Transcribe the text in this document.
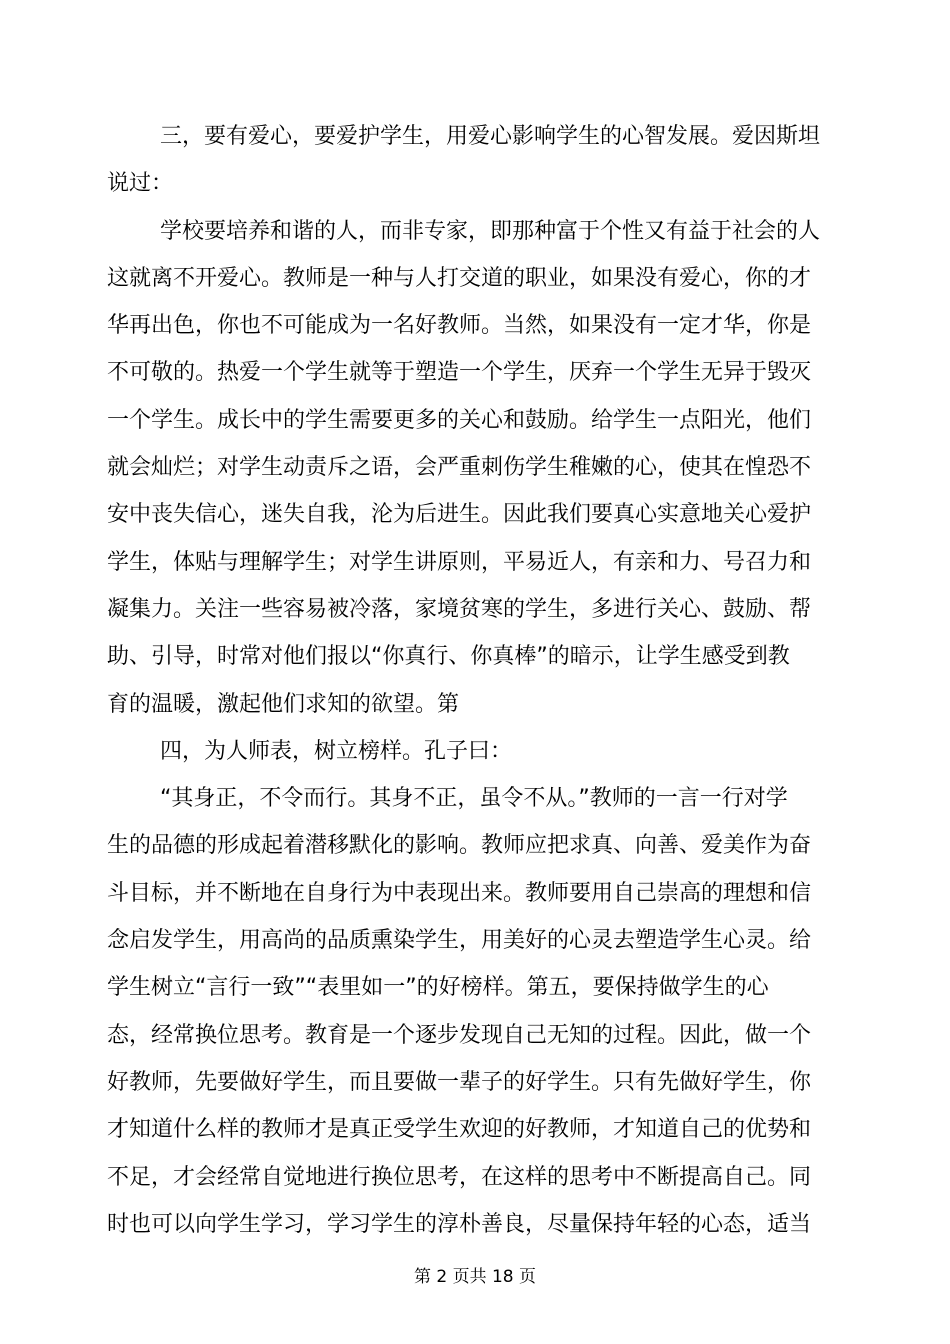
三，要有爱心，要爱护学生，用爱心影响学生的心智发展。爱因斯坦
说过：
学校要培养和谐的人，而非专家，即那种富于个性又有益于社会的人
这就离不开爱心。教师是一种与人打交道的职业，如果没有爱心，你的才
华再出色，你也不可能成为一名好教师。当然，如果没有一定才华，你是
不可敬的。热爱一个学生就等于塑造一个学生，厌弃一个学生无异于毁灭
一个学生。成长中的学生需要更多的关心和鼓励。给学生一点阳光，他们
就会灿烂；对学生动责斥之语，会严重刺伤学生稚嫩的心，使其在惶恐不
安中丧失信心，迷失自我，沦为后进生。因此我们要真心实意地关心爱护
学生，体贴与理解学生；对学生讲原则，平易近人，有亲和力、号召力和
凝集力。关注一些容易被冷落，家境贫寒的学生，多进行关心、鼓励、帮
助、引导，时常对他们报以“你真行、你真棒”的暗示，让学生感受到教
育的温暖，激起他们求知的欲望。第
四，为人师表，树立榜样。孔子曰：
“其身正，不令而行。其身不正，虽令不从。”教师的一言一行对学
生的品德的形成起着潜移默化的影响。教师应把求真、向善、爱美作为奋
斗目标，并不断地在自身行为中表现出来。教师要用自己崇高的理想和信
念启发学生，用高尚的品质熏染学生，用美好的心灵去塑造学生心灵。给
学生树立“言行一致”“表里如一”的好榜样。第五，要保持做学生的心
态，经常换位思考。教育是一个逐步发现自己无知的过程。因此，做一个
好教师，先要做好学生，而且要做一辈子的好学生。只有先做好学生，你
才知道什么样的教师才是真正受学生欢迎的好教师，才知道自己的优势和
不足，才会经常自觉地进行换位思考，在这样的思考中不断提高自己。同
时也可以向学生学习，学习学生的淳朴善良，尽量保持年轻的心态，适当
第 2 页共 18 页
